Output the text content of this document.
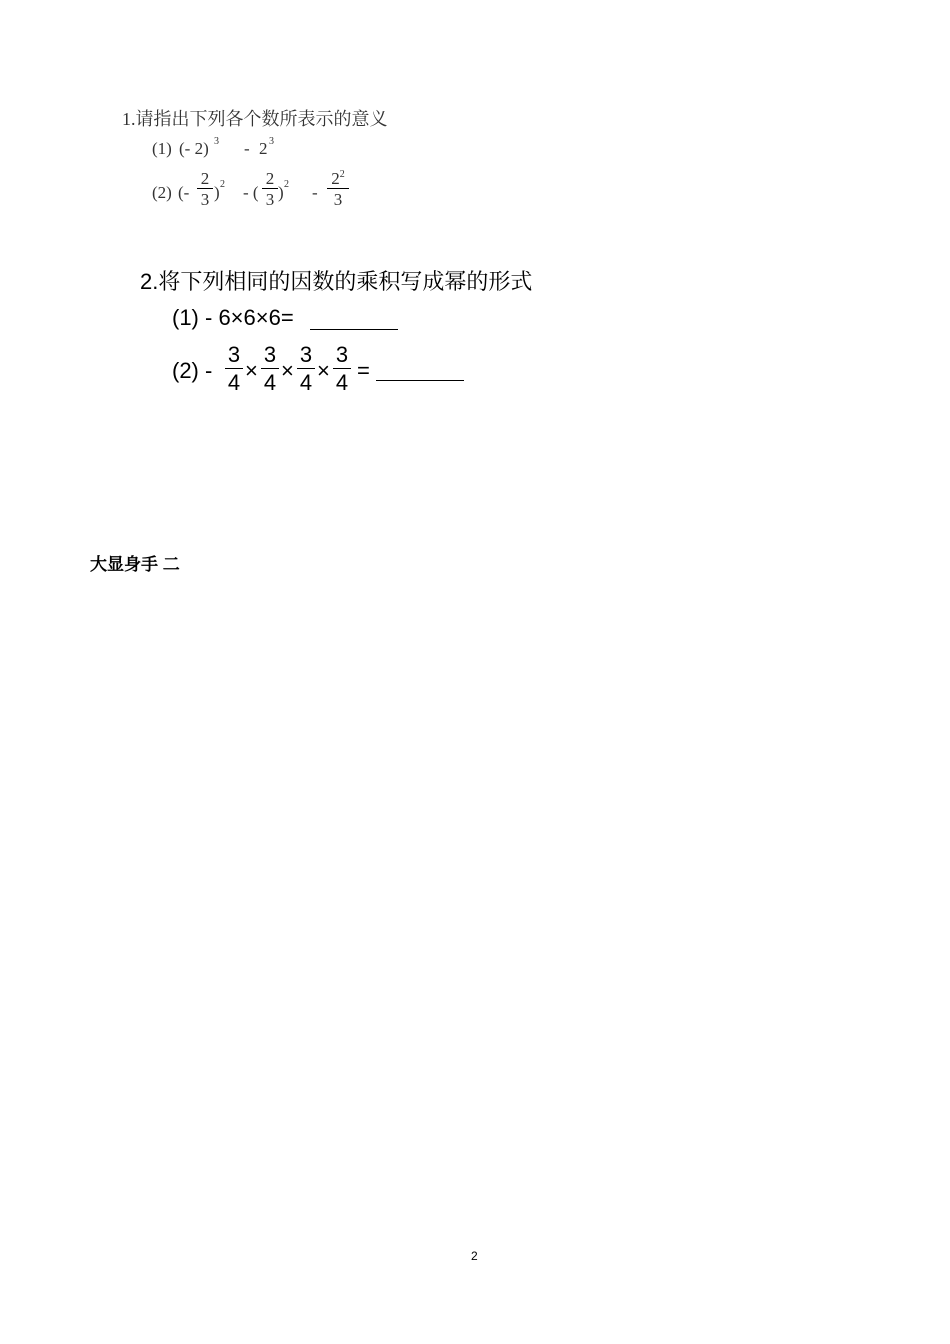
1.请指出下列各个数所表示的意义
(1) (- 2) 3 - 2 3
(2) (-
2
3 ) 2 - (
2
3 ) 2 -
$2^2$
3
2.将下列相同的因数的乘积写成幂的形式
(1) - 6×6×6=
(2) -
3
4 ×
3
4 ×
3
4 ×
3
4 =
大显身手 二
2
